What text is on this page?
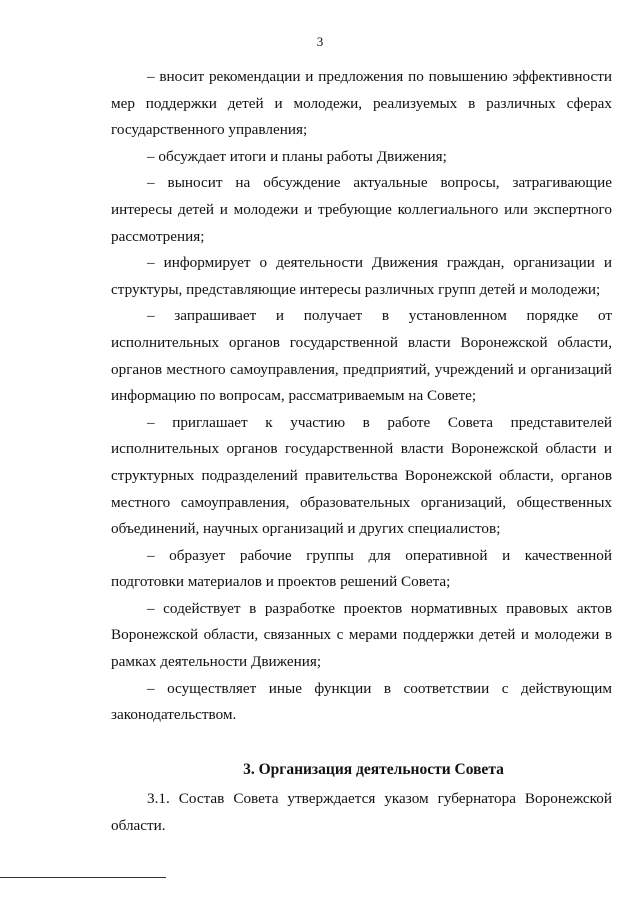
3

– вносит рекомендации и предложения по повышению эффективности мер поддержки детей и молодежи, реализуемых в различных сферах государственного управления;

– обсуждает итоги и планы работы Движения;

– выносит на обсуждение актуальные вопросы, затрагивающие интересы детей и молодежи и требующие коллегиального или экспертного рассмотрения;

– информирует о деятельности Движения граждан, организации и структуры, представляющие интересы различных групп детей и молодежи;

– запрашивает и получает в установленном порядке от исполнительных органов государственной власти Воронежской области, органов местного самоуправления, предприятий, учреждений и организаций информацию по вопросам, рассматриваемым на Совете;

– приглашает к участию в работе Совета представителей исполнительных органов государственной власти Воронежской области и структурных подразделений правительства Воронежской области, органов местного самоуправления, образовательных организаций, общественных объединений, научных организаций и других специалистов;

– образует рабочие группы для оперативной и качественной подготовки материалов и проектов решений Совета;

– содействует в разработке проектов нормативных правовых актов Воронежской области, связанных с мерами поддержки детей и молодежи в рамках деятельности Движения;

– осуществляет иные функции в соответствии с действующим законодательством.

3. Организация деятельности Совета

3.1. Состав Совета утверждается указом губернатора Воронежской области.
